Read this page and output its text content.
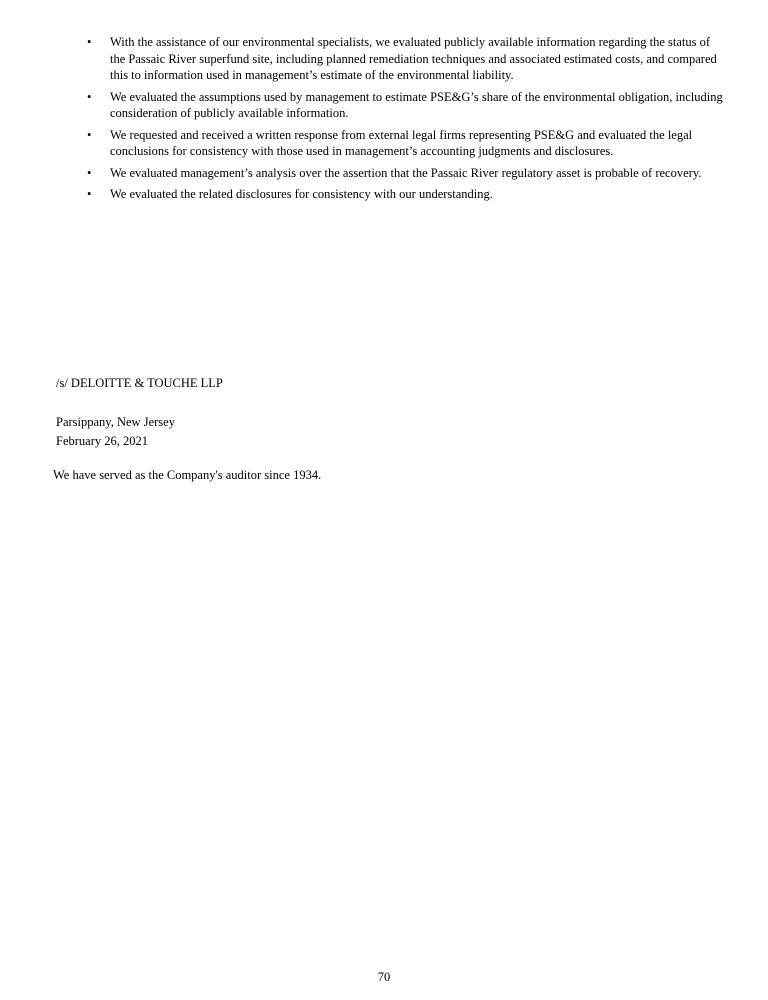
• With the assistance of our environmental specialists, we evaluated publicly available information regarding the status of the Passaic River superfund site, including planned remediation techniques and associated estimated costs, and compared this to information used in management’s estimate of the environmental liability.
• We evaluated the assumptions used by management to estimate PSE&G’s share of the environmental obligation, including consideration of publicly available information.
• We requested and received a written response from external legal firms representing PSE&G and evaluated the legal conclusions for consistency with those used in management’s accounting judgments and disclosures.
• We evaluated management’s analysis over the assertion that the Passaic River regulatory asset is probable of recovery.
• We evaluated the related disclosures for consistency with our understanding.
/s/ DELOITTE & TOUCHE LLP
Parsippany, New Jersey
February 26, 2021
We have served as the Company's auditor since 1934.
70
